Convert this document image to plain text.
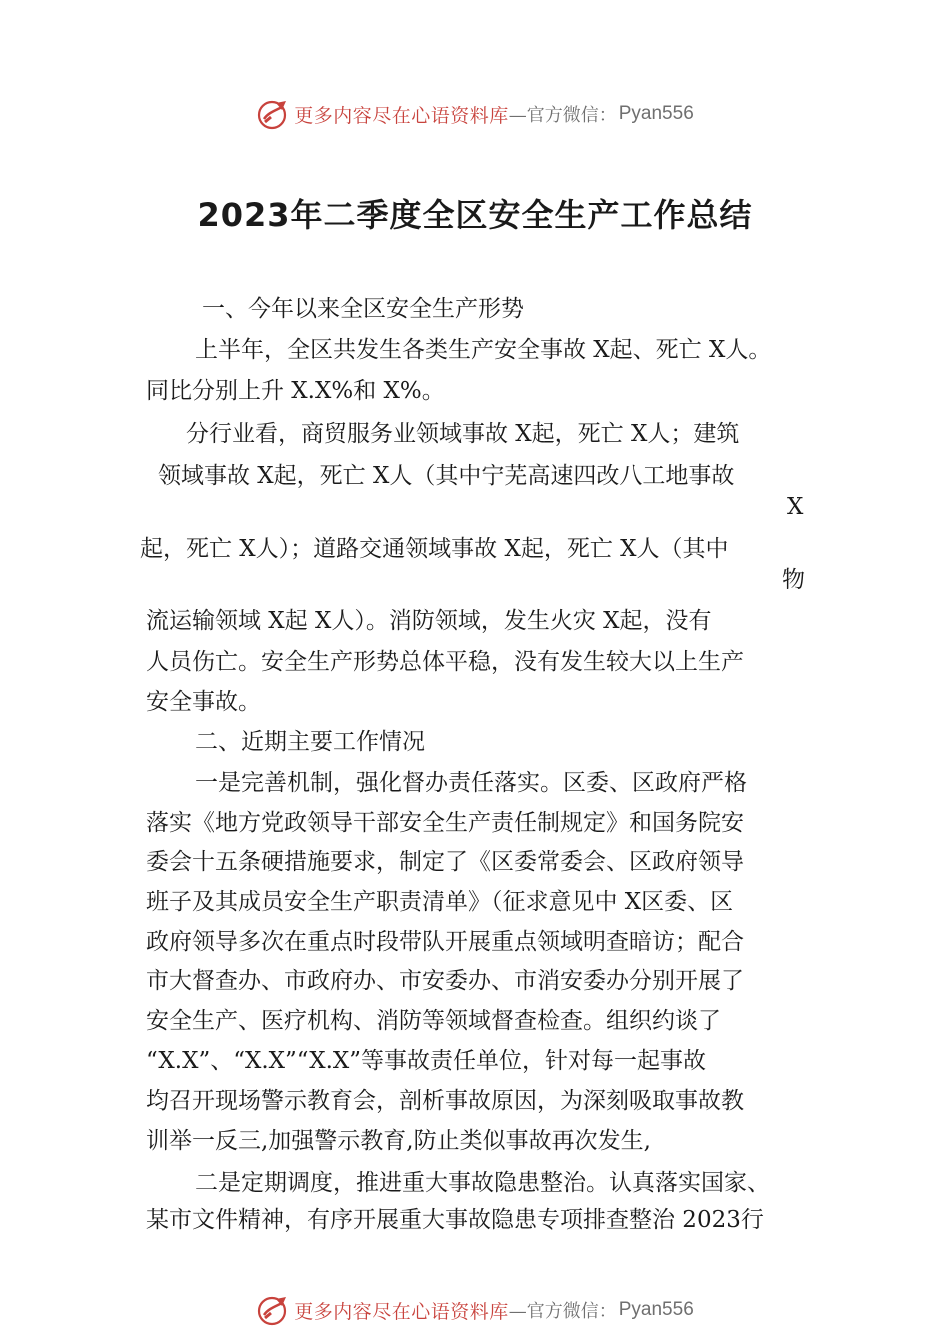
更多内容尽在心语资料库 —官方微信： Pyan556
2023年二季度全区安全生产工作总结
一、今年以来全区安全生产形势
上半年，全区共发生各类生产安全事故 X起、死亡 X人。
同比分别上升 X.X%和 X%。
分行业看，商贸服务业领域事故 X起，死亡 X人；建筑
领域事故 X起，死亡 X人（其中宁芜高速四改八工地事故
X
起，死亡 X人）；道路交通领域事故 X起，死亡 X人（其中
物
流运输领域 X起 X人）。消防领域，发生火灾 X起，没有
人员伤亡。安全生产形势总体平稳，没有发生较大以上生产
安全事故。
二、近期主要工作情况
一是完善机制，强化督办责任落实。区委、区政府严格
落实《地方党政领导干部安全生产责任制规定》和国务院安
委会十五条硬措施要求，制定了《区委常委会、区政府领导
班子及其成员安全生产职责清单》（征求意见中 X区委、区
政府领导多次在重点时段带队开展重点领域明查暗访；配合
市大督查办、市政府办、市安委办、市消安委办分别开展了
安全生产、医疗机构、消防等领域督查检查。组织约谈了
“X.X”、“X.X”“X.X”等事故责任单位，针对每一起事故
均召开现场警示教育会，剖析事故原因，为深刻吸取事故教
训举一反三,加强警示教育,防止类似事故再次发生,
二是定期调度，推进重大事故隐患整治。认真落实国家、
某市文件精神，有序开展重大事故隐患专项排查整治 2023行
更多内容尽在心语资料库 —官方微信： Pyan556
